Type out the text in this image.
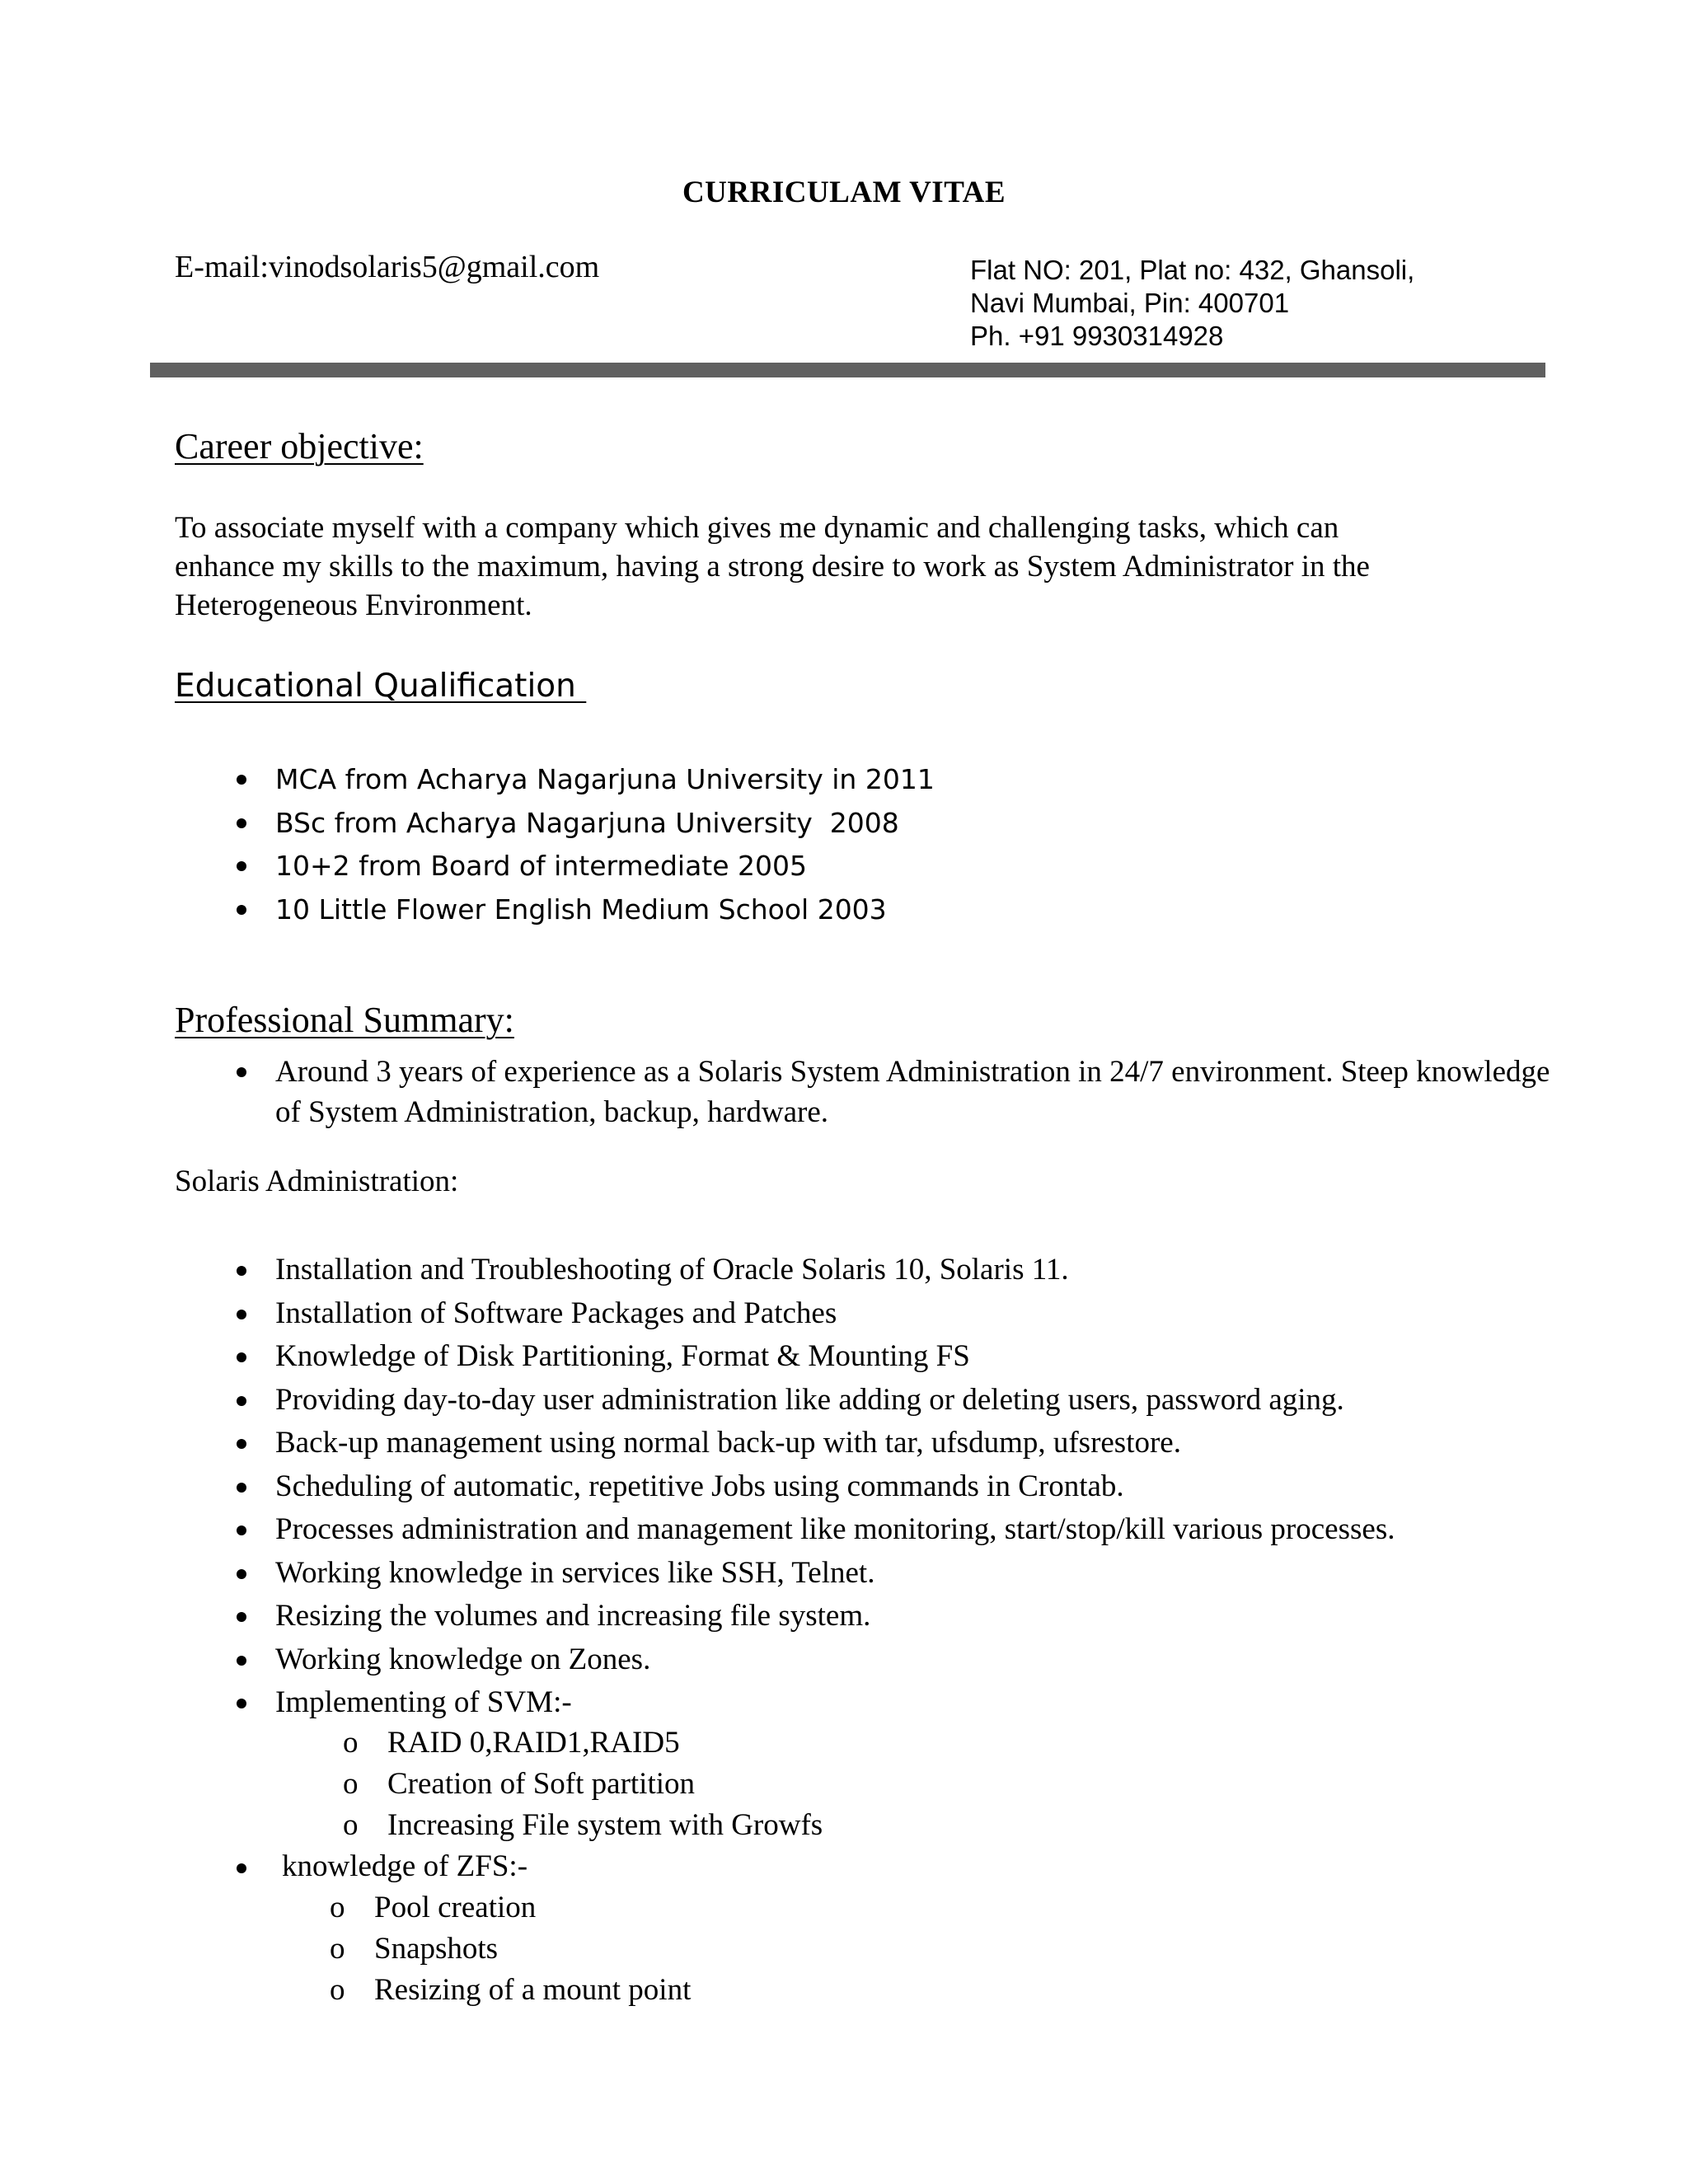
CURRICULAM VITAE
E-mail:vinodsolaris5@gmail.com	Flat NO: 201, Plat no: 432, Ghansoli,
Navi Mumbai, Pin: 400701
Ph. +91 9930314928
Career objective:
To associate myself with a company which gives me dynamic and challenging tasks, which can
enhance my skills to the maximum, having a strong desire to work as System Administrator in the
Heterogeneous Environment.
Educational Qualification
MCA from Acharya Nagarjuna University in 2011
BSc from Acharya Nagarjuna University  2008
10+2 from Board of intermediate 2005
10 Little Flower English Medium School 2003
Professional Summary:
Around 3 years of experience as a Solaris System Administration in 24/7 environment. Steep knowledge of System Administration, backup, hardware.
Solaris Administration:
Installation and Troubleshooting of Oracle Solaris 10, Solaris 11.
Installation of Software Packages and Patches
Knowledge of Disk Partitioning, Format & Mounting FS
Providing day-to-day user administration like adding or deleting users, password aging.
Back-up management using normal back-up with tar, ufsdump, ufsrestore.
Scheduling of automatic, repetitive Jobs using commands in Crontab.
Processes administration and management like monitoring, start/stop/kill various processes.
Working knowledge in services like SSH, Telnet.
Resizing the volumes and increasing file system.
Working knowledge on Zones.
Implementing of SVM:-
o RAID 0,RAID1,RAID5
o Creation of Soft partition
o Increasing File system with Growfs
knowledge of ZFS:-
o Pool creation
o Snapshots
o Resizing of a mount point
